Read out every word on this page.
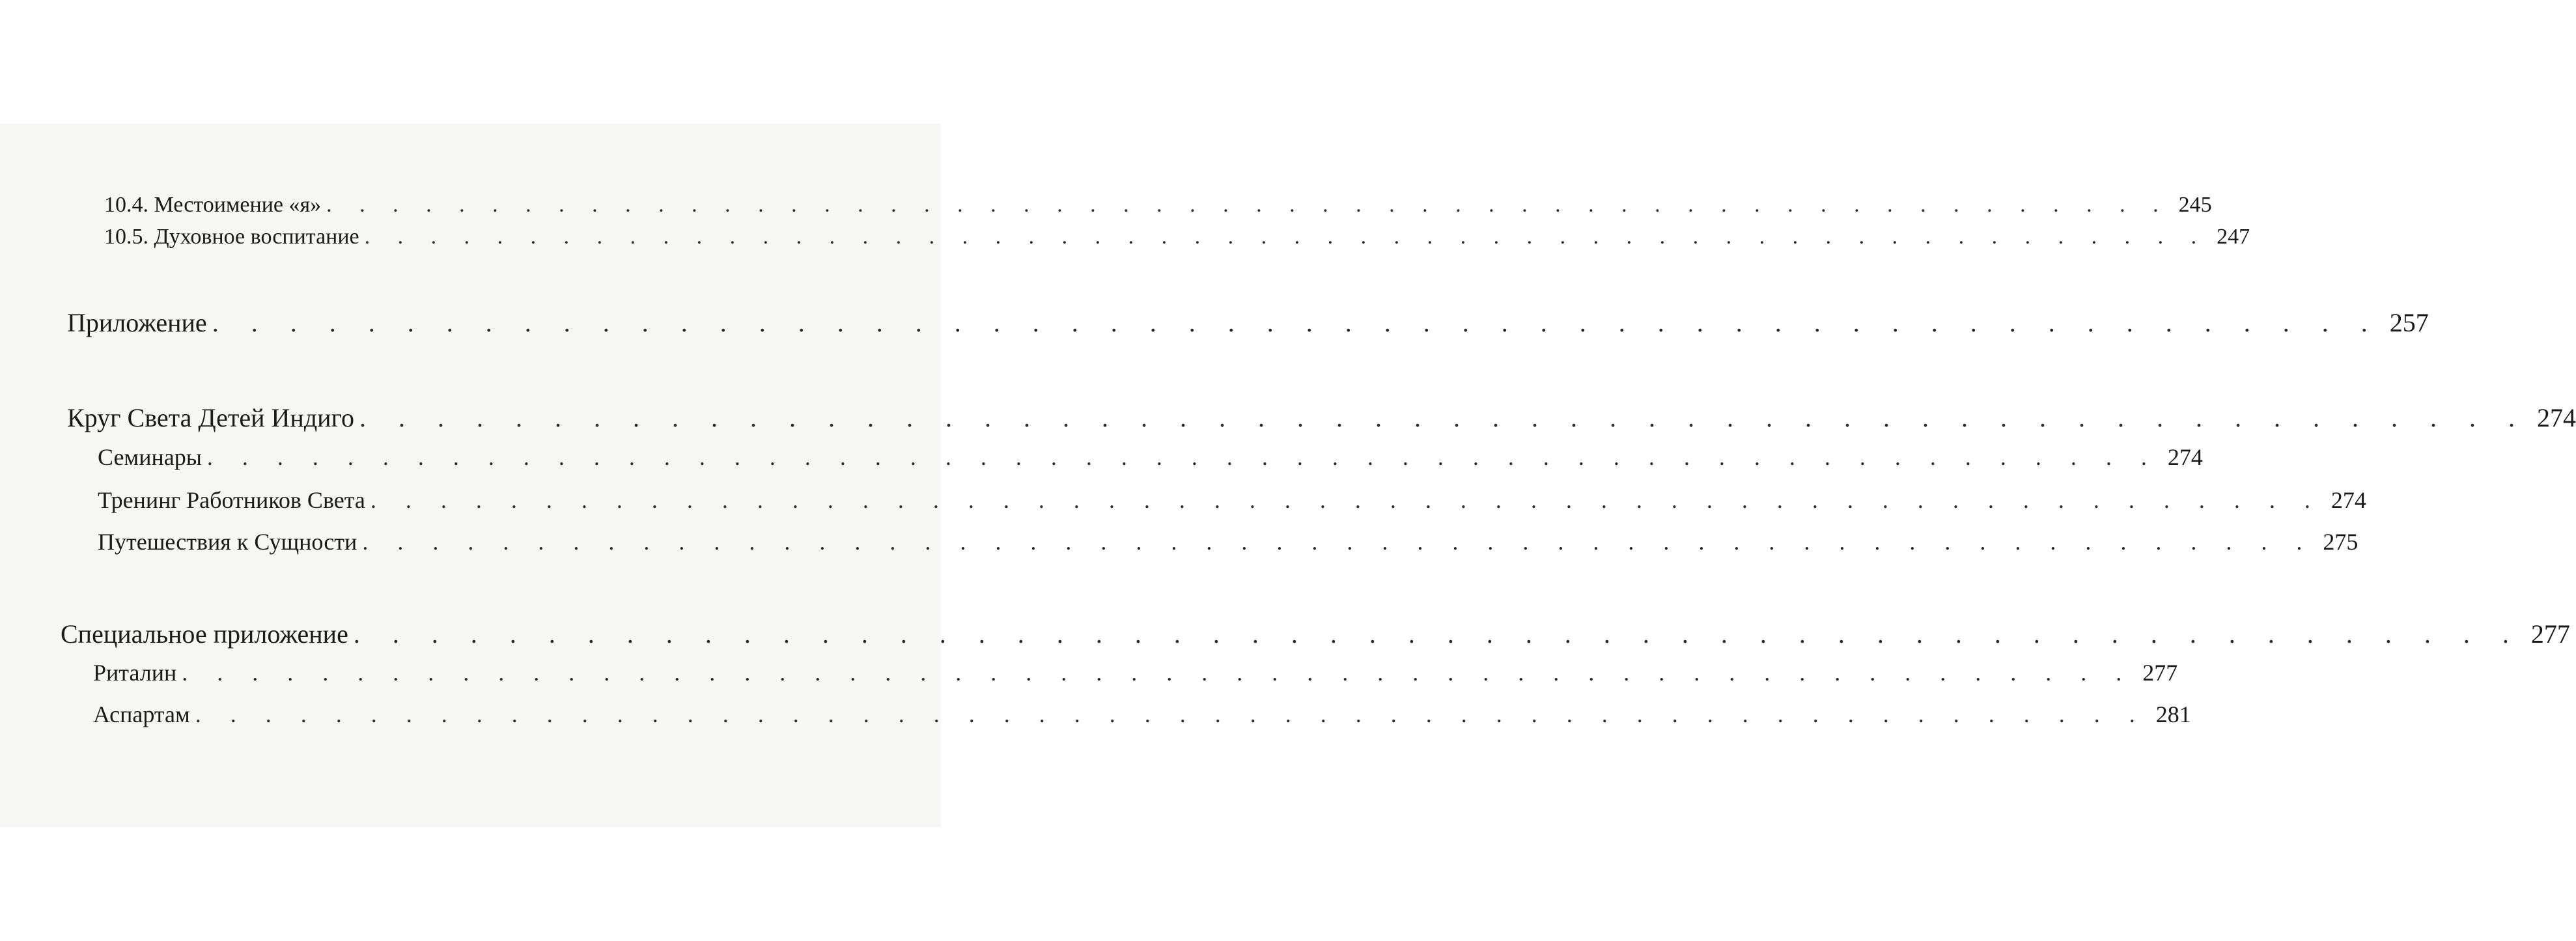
10.4. Местоимение «я» . . . . . . . . . . . . . . . . . . . . . . . . . . . . . . . . . . . . . . . . . . . . . . . . . . . . . . . . 245
10.5. Духовное воспитание . . . . . . . . . . . . . . . . . . . . . . . . . . . . . . . . . . . . . . . . . . . . . . . . . . . . . . . . 247
Приложение . . . . . . . . . . . . . . . . . . . . . . . . . . . . . . . . . . . . . . . . . . . . . . . . . . . . . . . . 257
Круг Света Детей Индиго . . . . . . . . . . . . . . . . . . . . . . . . . . . . . . . . . . . . . . . . . . . . . . . . . . . . . . . . 274
Семинары . . . . . . . . . . . . . . . . . . . . . . . . . . . . . . . . . . . . . . . . . . . . . . . . . . . . . . . . 274
Тренинг Работников Света . . . . . . . . . . . . . . . . . . . . . . . . . . . . . . . . . . . . . . . . . . . . . . . . . . . . . . . . 274
Путешествия к Сущности . . . . . . . . . . . . . . . . . . . . . . . . . . . . . . . . . . . . . . . . . . . . . . . . . . . . . . . . 275
Специальное приложение . . . . . . . . . . . . . . . . . . . . . . . . . . . . . . . . . . . . . . . . . . . . . . . . . . . . . . . . 277
Риталин . . . . . . . . . . . . . . . . . . . . . . . . . . . . . . . . . . . . . . . . . . . . . . . . . . . . . . . . 277
Аспартам . . . . . . . . . . . . . . . . . . . . . . . . . . . . . . . . . . . . . . . . . . . . . . . . . . . . . . . . 281
